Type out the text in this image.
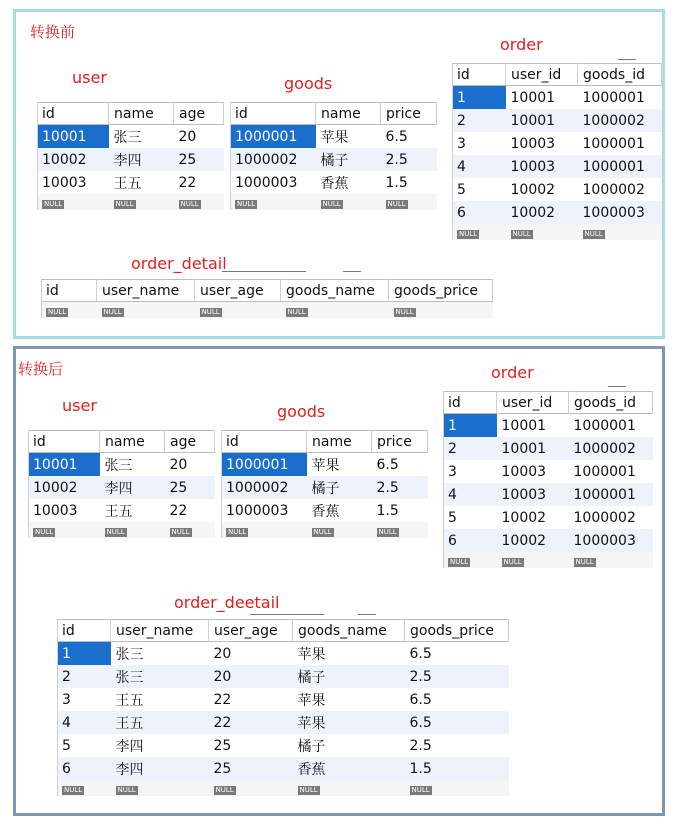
转换前
转换后
user
id	name	age
10001	张三	20
10002	李四	25
10003	王五	22
NULL	NULL	NULL
goods
id	name	price
1000001	苹果	6.5
1000002	橘子	2.5
1000003	香蕉	1.5
NULL	NULL	NULL
order
id	user_id	goods_id
1	10001	1000001
2	10001	1000002
3	10003	1000001
4	10003	1000001
5	10002	1000002
6	10002	1000003
NULL	NULL	NULL
order_detail
id	user_name	user_age	goods_name	goods_price
NULL	NULL	NULL	NULL	NULL
user
id	name	age
10001	张三	20
10002	李四	25
10003	王五	22
NULL	NULL	NULL
goods
id	name	price
1000001	苹果	6.5
1000002	橘子	2.5
1000003	香蕉	1.5
NULL	NULL	NULL
order
id	user_id	goods_id
1	10001	1000001
2	10001	1000002
3	10003	1000001
4	10003	1000001
5	10002	1000002
6	10002	1000003
NULL	NULL	NULL
order_deetail
id	user_name	user_age	goods_name	goods_price
1	张三	20	苹果	6.5
2	张三	20	橘子	2.5
3	王五	22	苹果	6.5
4	王五	22	苹果	6.5
5	李四	25	橘子	2.5
6	李四	25	香蕉	1.5
NULL	NULL	NULL	NULL	NULL
